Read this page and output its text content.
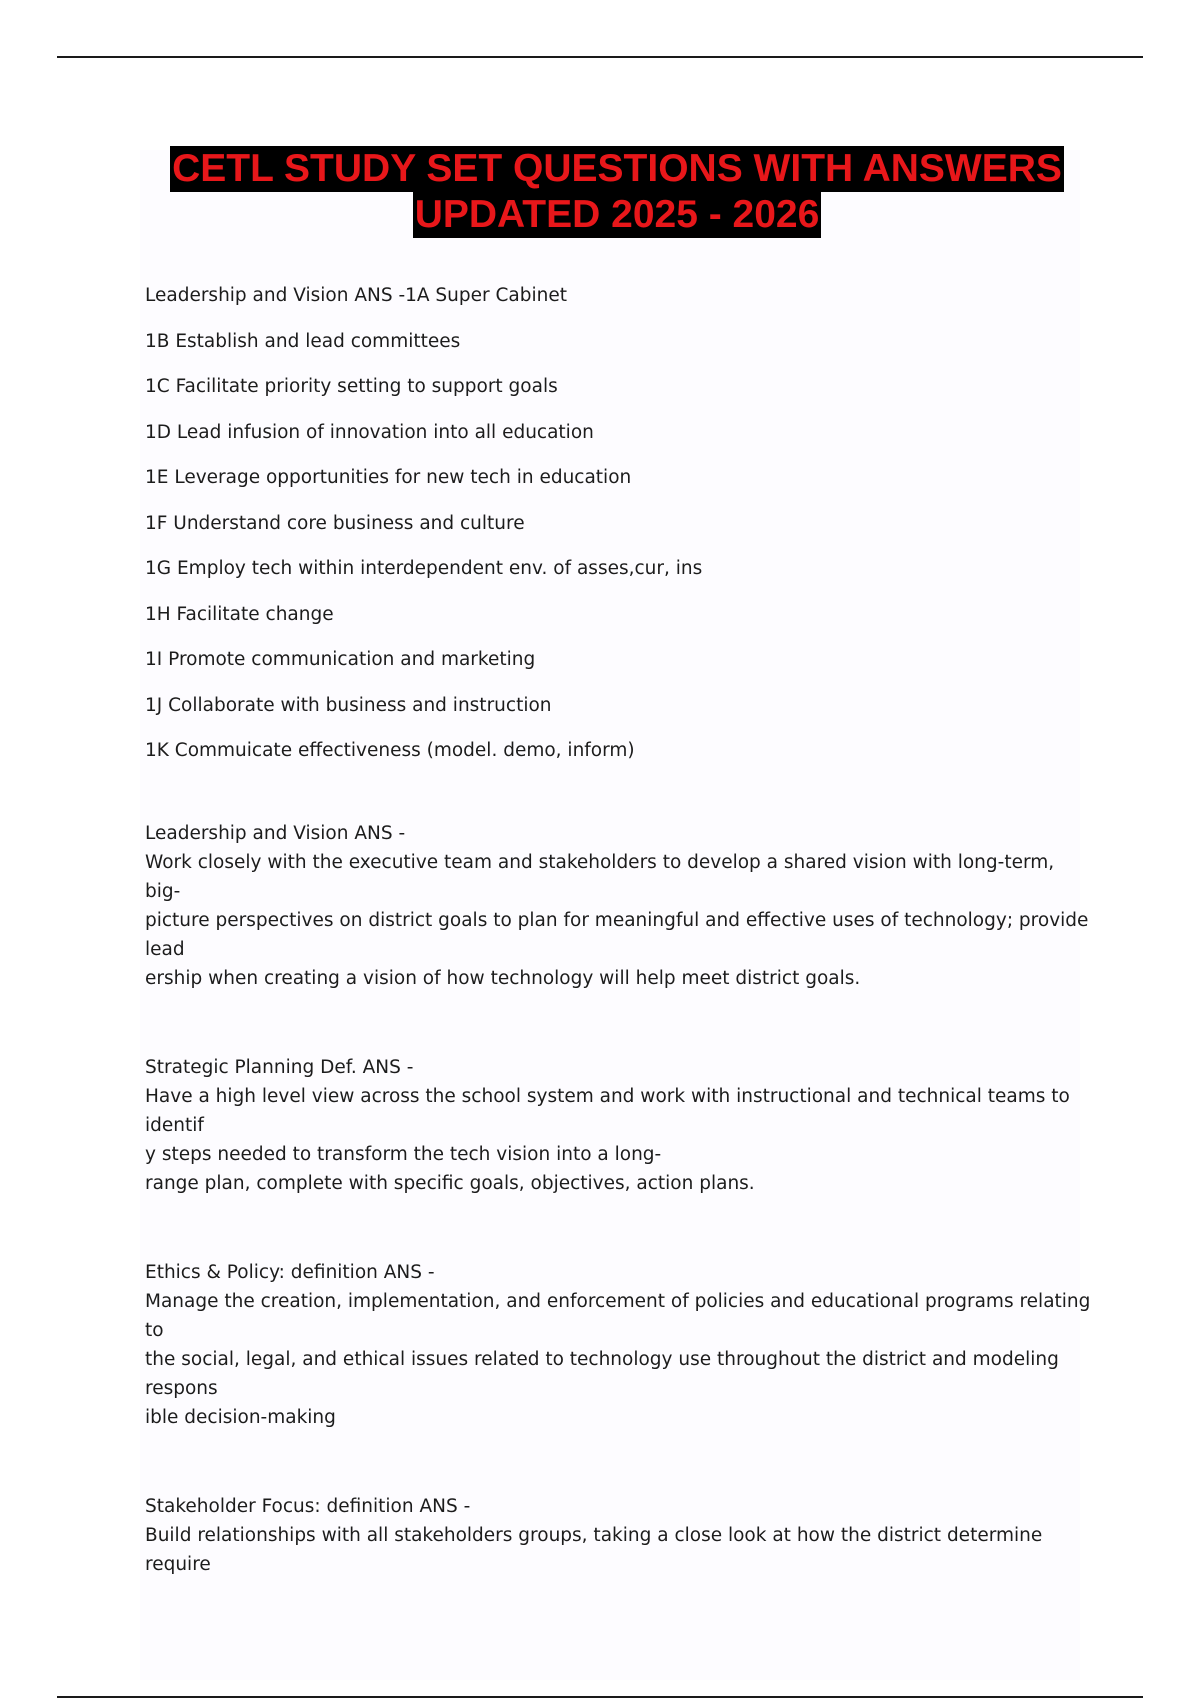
CETL STUDY SET QUESTIONS WITH ANSWERS
UPDATED 2025 - 2026
Leadership and Vision ANS -1A Super Cabinet
1B Establish and lead committees
1C Facilitate priority setting to support goals
1D Lead infusion of innovation into all education
1E Leverage opportunities for new tech in education
1F Understand core business and culture
1G Employ tech within interdependent env. of asses,cur, ins
1H Facilitate change
1I Promote communication and marketing
1J Collaborate with business and instruction
1K Commuicate effectiveness (model. demo, inform)
Leadership and Vision ANS -
Work closely with the executive team and stakeholders to develop a shared vision with long-term, big-
picture perspectives on district goals to plan for meaningful and effective uses of technology; provide lead
ership when creating a vision of how technology will help meet district goals.
Strategic Planning Def. ANS -
Have a high level view across the school system and work with instructional and technical teams to identif
y steps needed to transform the tech vision into a long-
range plan, complete with specific goals, objectives, action plans.
Ethics & Policy: definition ANS -
Manage the creation, implementation, and enforcement of policies and educational programs relating to
the social, legal, and ethical issues related to technology use throughout the district and modeling respons
ible decision-making
Stakeholder Focus: definition ANS -
Build relationships with all stakeholders groups, taking a close look at how the district determine require
